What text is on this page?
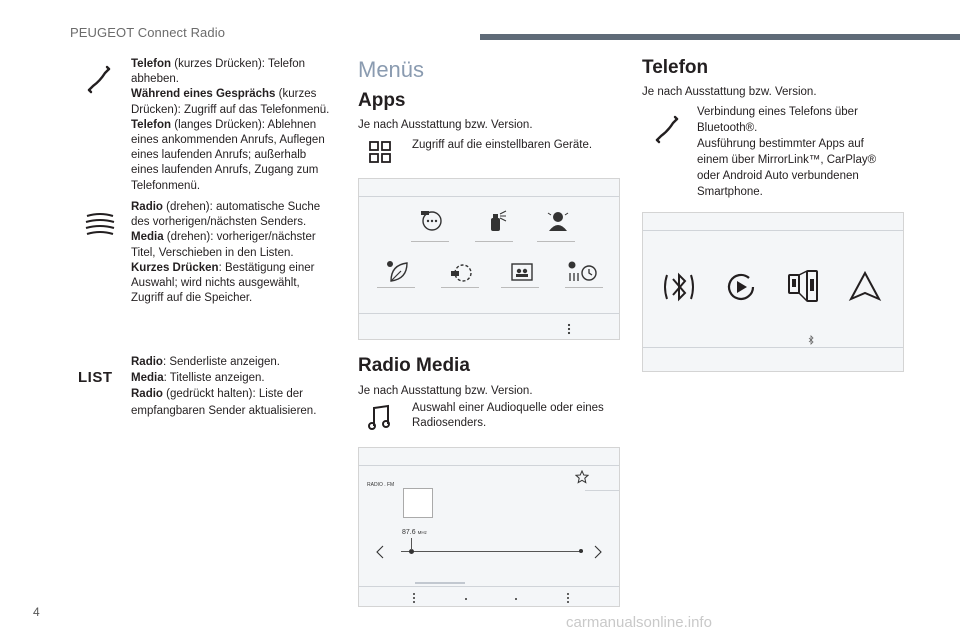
PEUGEOT Connect Radio
Telefon (kurzes Drücken): Telefon abheben.
Während eines Gesprächs (kurzes Drücken): Zugriff auf das Telefonmenü.
Telefon (langes Drücken): Ablehnen eines ankommenden Anrufs, Auflegen eines laufenden Anrufs; außerhalb eines laufenden Anrufs, Zugang zum Telefonmenü.
Radio (drehen): automatische Suche des vorherigen/nächsten Senders.
Media (drehen): vorheriger/nächster Titel, Verschieben in den Listen.
Kurzes Drücken: Bestätigung einer Auswahl; wird nichts ausgewählt, Zugriff auf die Speicher.
LIST
Radio: Senderliste anzeigen.
Media: Titelliste anzeigen.
Radio (gedrückt halten): Liste der empfangbaren Sender aktualisieren.
Menüs
Apps
Je nach Ausstattung bzw. Version.
Zugriff auf die einstellbaren Geräte.
Radio Media
Je nach Ausstattung bzw. Version.
Auswahl einer Audioquelle oder eines Radiosenders.
RADIO . FM
87.6 MHz
Telefon
Je nach Ausstattung bzw. Version.
Verbindung eines Telefons über Bluetooth®.
Ausführung bestimmter Apps auf einem über MirrorLink™, CarPlay® oder Android Auto verbundenen Smartphone.
4
carmanualsonline.info
